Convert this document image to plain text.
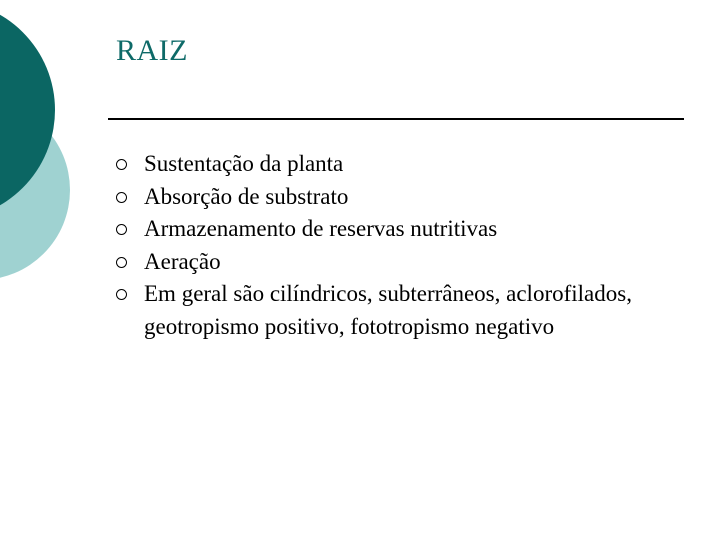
RAIZ
Sustentação da planta
Absorção de substrato
Armazenamento de reservas nutritivas
Aeração
Em geral são cilíndricos, subterrâneos, aclorofilados, geotropismo positivo, fototropismo negativo
